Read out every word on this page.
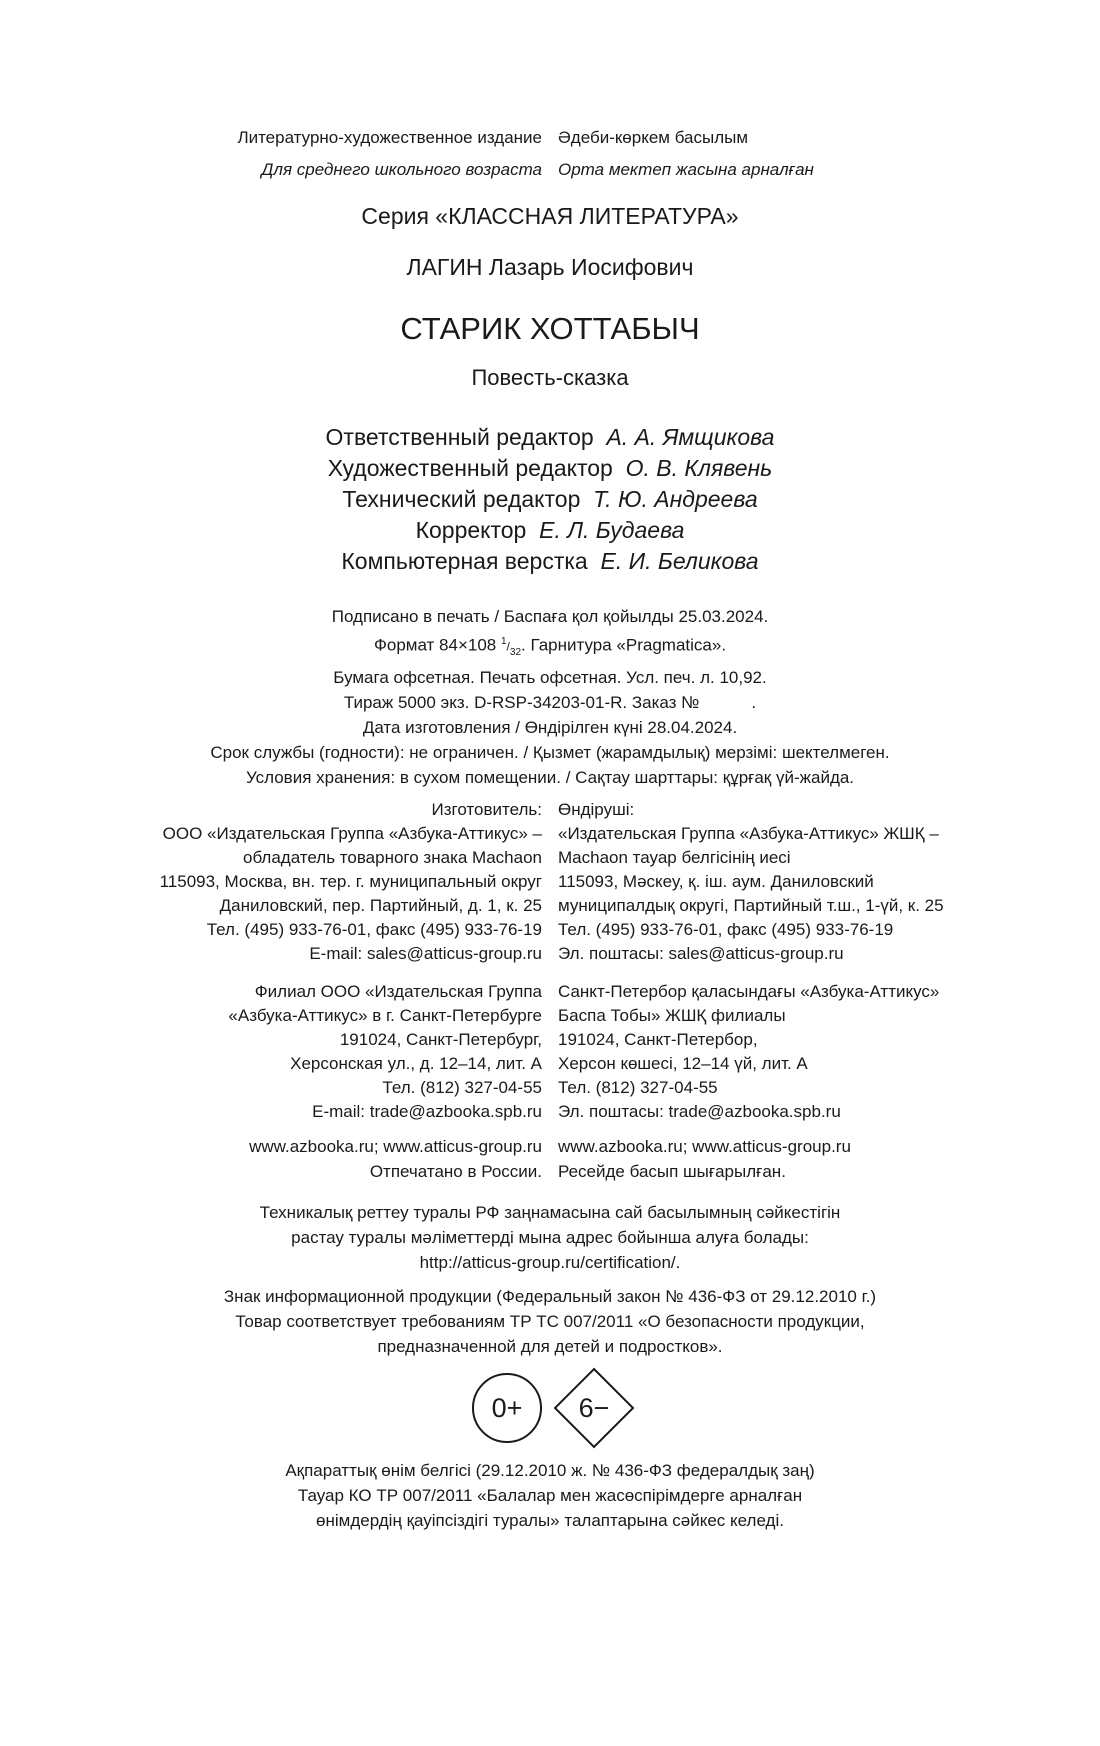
Литературно-художественное издание Әдеби-көркем басылым
Для среднего школьного возраста Орта мектеп жасына арналған
Серия «КЛАССНАЯ ЛИТЕРАТУРА»
ЛАГИН Лазарь Иосифович
СТАРИК ХОТТАБЫЧ
Повесть-сказка
Ответственный редактор А. А. Ямщикова
Художественный редактор О. В. Клявень
Технический редактор Т. Ю. Андреева
Корректор Е. Л. Будаева
Компьютерная верстка Е. И. Беликова
Подписано в печать / Баспаға қол қойылды 25.03.2024.
Формат 84×108 $^1/_{32}$. Гарнитура «Pragmatica».
Бумага офсетная. Печать офсетная. Усл. печ. л. 10,92.
Тираж 5000 экз. D-RSP-34203-01-R. Заказ №	.
Дата изготовления / Өндірілген күні 28.04.2024.
Срок службы (годности): не ограничен. / Қызмет (жарамдылық) мерзімі: шектелмеген.
Условия хранения: в сухом помещении. / Сақтау шарттары: құрғақ үй-жайда.
Изготовитель:
ООО «Издательская Группа «Азбука-Аттикус» –
обладатель товарного знака Machaon
115093, Москва, вн. тер. г. муниципальный округ
Даниловский, пер. Партийный, д. 1, к. 25
Тел. (495) 933-76-01, факс (495) 933-76-19
E-mail: sales@atticus-group.ru
Өндіруші:
«Издательская Группа «Азбука-Аттикус» ЖШҚ –
Machaon тауар белгісінің иесі
115093, Мәскеу, қ. іш. аум. Даниловский
муниципалдық округі, Партийный т.ш., 1-үй, к. 25
Тел. (495) 933-76-01, факс (495) 933-76-19
Эл. поштасы: sales@atticus-group.ru
Филиал ООО «Издательская Группа
«Азбука-Аттикус» в г. Санкт-Петербурге
191024, Санкт-Петербург,
Херсонская ул., д. 12–14, лит. А
Тел. (812) 327-04-55
E-mail: trade@azbooka.spb.ru
Санкт-Петербор қаласындағы «Азбука-Аттикус»
Баспа Тобы» ЖШҚ филиалы
191024, Санкт-Петербор,
Херсон көшесі, 12–14 үй, лит. А
Тел. (812) 327-04-55
Эл. поштасы: trade@azbooka.spb.ru
www.azbooka.ru; www.atticus-group.ru
Отпечатано в России.
www.azbooka.ru; www.atticus-group.ru
Ресейде басып шығарылған.
Техникалық реттеу туралы РФ заңнамасына сай басылымның сәйкестігін
растау туралы мәліметтерді мына адрес бойынша алуға болады:
http://atticus-group.ru/certification/.
Знак информационной продукции (Федеральный закон № 436-ФЗ от 29.12.2010 г.)
Товар соответствует требованиям ТР ТС 007/2011 «О безопасности продукции,
предназначенной для детей и подростков».
0+ 6−
Ақпараттық өнім белгісі (29.12.2010 ж. № 436-ФЗ федералдық заң)
Тауар КО ТР 007/2011 «Балалар мен жасөспірімдерге арналған
өнімдердің қауіпсіздігі туралы» талаптарына сәйкес келеді.
